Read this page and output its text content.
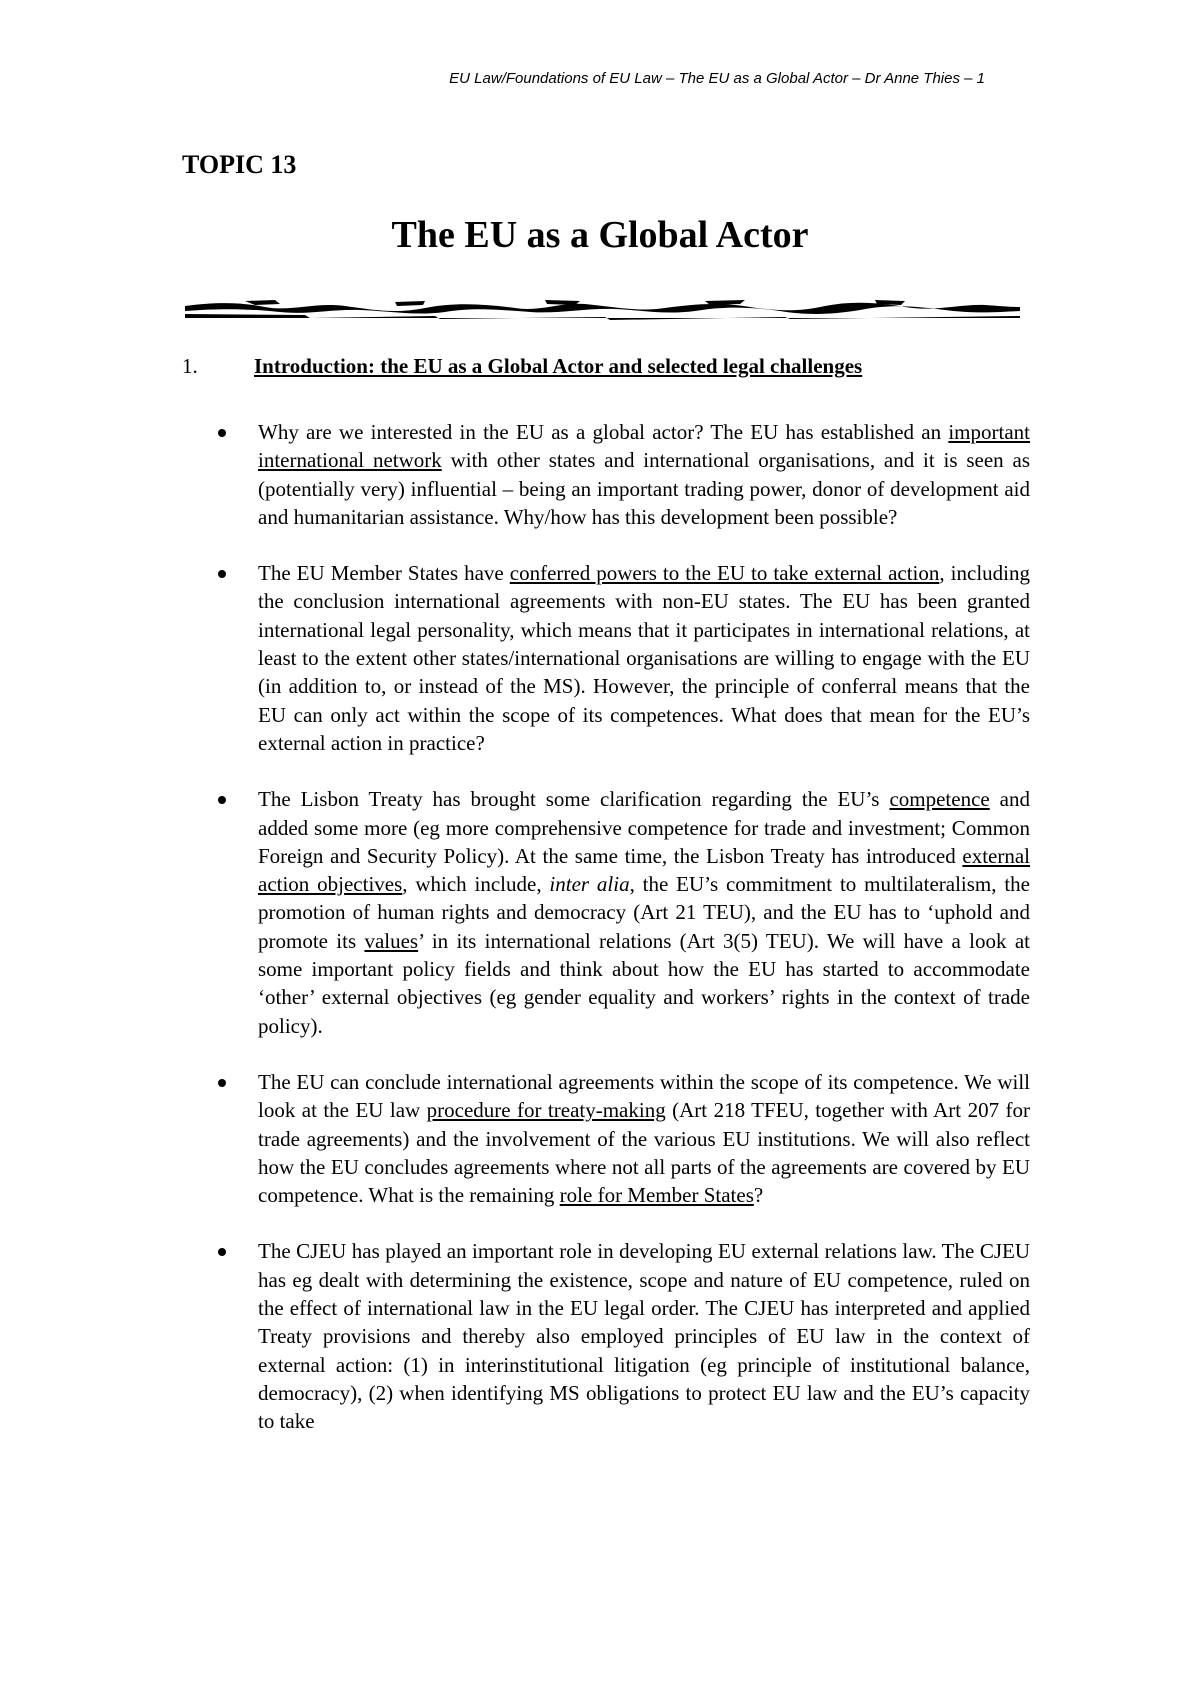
EU Law/Foundations of EU Law – The EU as a Global Actor – Dr Anne Thies – 1
TOPIC 13
The EU as a Global Actor
1.	Introduction: the EU as a Global Actor and selected legal challenges
Why are we interested in the EU as a global actor? The EU has established an important international network with other states and international organisations, and it is seen as (potentially very) influential – being an important trading power, donor of development aid and humanitarian assistance. Why/how has this development been possible?
The EU Member States have conferred powers to the EU to take external action, including the conclusion international agreements with non-EU states. The EU has been granted international legal personality, which means that it participates in international relations, at least to the extent other states/international organisations are willing to engage with the EU (in addition to, or instead of the MS). However, the principle of conferral means that the EU can only act within the scope of its competences. What does that mean for the EU’s external action in practice?
The Lisbon Treaty has brought some clarification regarding the EU’s competence and added some more (eg more comprehensive competence for trade and investment; Common Foreign and Security Policy). At the same time, the Lisbon Treaty has introduced external action objectives, which include, inter alia, the EU’s commitment to multilateralism, the promotion of human rights and democracy (Art 21 TEU), and the EU has to ‘uphold and promote its values’ in its international relations (Art 3(5) TEU). We will have a look at some important policy fields and think about how the EU has started to accommodate ‘other’ external objectives (eg gender equality and workers’ rights in the context of trade policy).
The EU can conclude international agreements within the scope of its competence. We will look at the EU law procedure for treaty-making (Art 218 TFEU, together with Art 207 for trade agreements) and the involvement of the various EU institutions. We will also reflect how the EU concludes agreements where not all parts of the agreements are covered by EU competence. What is the remaining role for Member States?
The CJEU has played an important role in developing EU external relations law. The CJEU has eg dealt with determining the existence, scope and nature of EU competence, ruled on the effect of international law in the EU legal order. The CJEU has interpreted and applied Treaty provisions and thereby also employed principles of EU law in the context of external action: (1) in interinstitutional litigation (eg principle of institutional balance, democracy), (2) when identifying MS obligations to protect EU law and the EU’s capacity to take
